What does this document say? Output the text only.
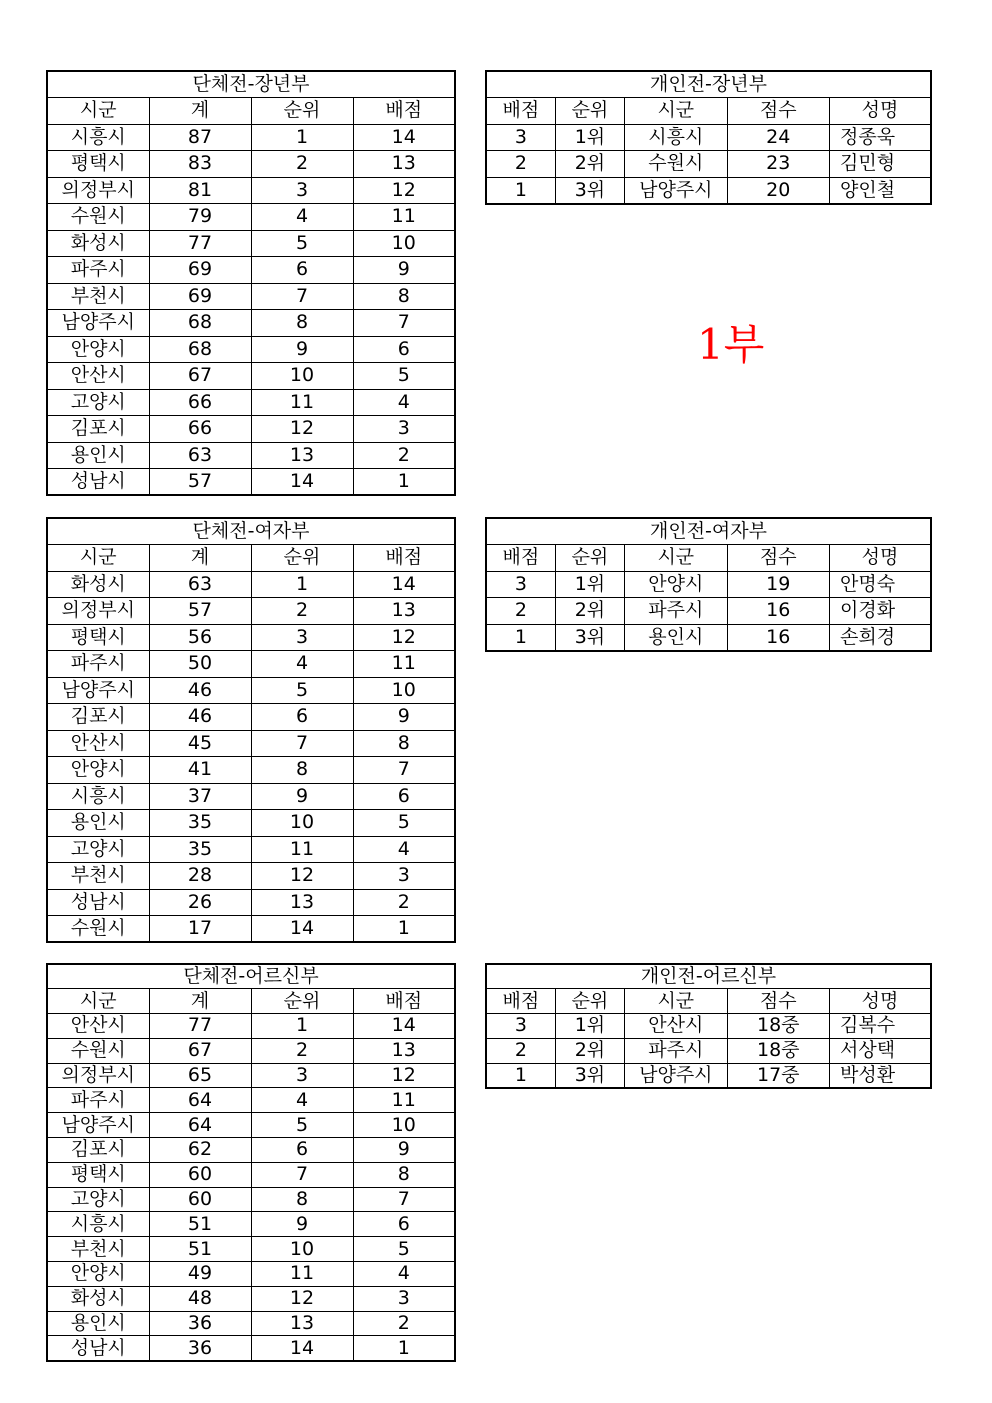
단체전-장년부			
시군	계	순위	배점
시흥시	87	1	14
평택시	83	2	13
의정부시	81	3	12
수원시	79	4	11
화성시	77	5	10
파주시	69	6	9
부천시	69	7	8
남양주시	68	8	7
안양시	68	9	6
안산시	67	10	5
고양시	66	11	4
김포시	66	12	3
용인시	63	13	2
성남시	57	14	1
개인전-장년부				
배점	순위	시군	점수	성명
3	1위	시흥시	24	정종욱
2	2위	수원시	23	김민형
1	3위	남양주시	20	양인철
1부
단체전-여자부			
시군	계	순위	배점
화성시	63	1	14
의정부시	57	2	13
평택시	56	3	12
파주시	50	4	11
남양주시	46	5	10
김포시	46	6	9
안산시	45	7	8
안양시	41	8	7
시흥시	37	9	6
용인시	35	10	5
고양시	35	11	4
부천시	28	12	3
성남시	26	13	2
수원시	17	14	1
개인전-여자부				
배점	순위	시군	점수	성명
3	1위	안양시	19	안명숙
2	2위	파주시	16	이경화
1	3위	용인시	16	손희경
단체전-어르신부			
시군	계	순위	배점
안산시	77	1	14
수원시	67	2	13
의정부시	65	3	12
파주시	64	4	11
남양주시	64	5	10
김포시	62	6	9
평택시	60	7	8
고양시	60	8	7
시흥시	51	9	6
부천시	51	10	5
안양시	49	11	4
화성시	48	12	3
용인시	36	13	2
성남시	36	14	1
개인전-어르신부				
배점	순위	시군	점수	성명
3	1위	안산시	18중	김복수
2	2위	파주시	18중	서상택
1	3위	남양주시	17중	박성환
